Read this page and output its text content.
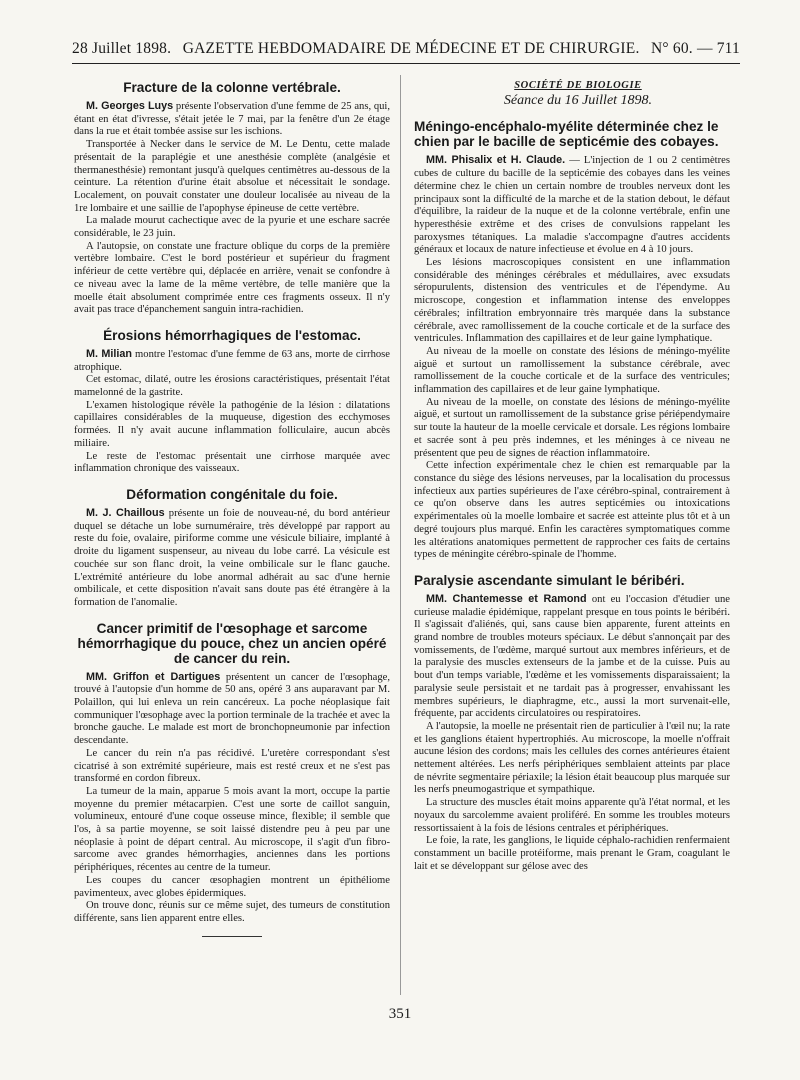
28 Juillet 1898. GAZETTE HEBDOMADAIRE DE MÉDECINE ET DE CHIRURGIE. N° 60. — 711
Fracture de la colonne vertébrale.

M. Georges Luys présente l'observation d'une femme de 25 ans, qui, étant en état d'ivresse, s'était jetée le 7 mai, par la fenêtre d'un 2e étage dans la rue et était tombée assise sur les ischions.

Transportée à Necker dans le service de M. Le Dentu, cette malade présentait de la paraplégie et une anesthésie complète (analgésie et thermanesthésie) remontant jusqu'à quelques centimètres au-dessous de la ceinture. La rétention d'urine était absolue et nécessitait le sondage. Localement, on pouvait constater une douleur localisée au niveau de la 1re lombaire et une saillie de l'apophyse épineuse de cette vertèbre.

La malade mourut cachectique avec de la pyurie et une eschare sacrée considérable, le 23 juin.

A l'autopsie, on constate une fracture oblique du corps de la première vertèbre lombaire. C'est le bord postérieur et supérieur du fragment inférieur de cette vertèbre qui, déplacée en arrière, venait se confondre à ce niveau avec la lame de la même vertèbre, de telle manière que la moelle était absolument comprimée entre ces fragments osseux. Il n'y avait pas trace d'épanchement sanguin intra-rachidien.

Érosions hémorrhagiques de l'estomac.

M. Milian montre l'estomac d'une femme de 63 ans, morte de cirrhose atrophique.

Cet estomac, dilaté, outre les érosions caractéristiques, présentait l'état mamelonné de la gastrite.

L'examen histologique révèle la pathogénie de la lésion : dilatations capillaires considérables de la muqueuse, digestion des ecchymoses formées. Il n'y avait aucune inflammation folliculaire, aucun abcès miliaire.

Le reste de l'estomac présentait une cirrhose marquée avec inflammation chronique des vaisseaux.

Déformation congénitale du foie.

M. J. Chaillous présente un foie de nouveau-né, du bord antérieur duquel se détache un lobe surnuméraire, très développé par rapport au reste du foie, ovalaire, piriforme comme une vésicule biliaire, implanté à droite du ligament suspenseur, au niveau du lobe carré. La vésicule est couchée sur son flanc droit, la veine ombilicale sur le flanc gauche. L'extrémité antérieure du lobe anormal adhérait au sac d'une hernie ombilicale, et cette disposition n'avait sans doute pas été étrangère à la formation de l'anomalie.

Cancer primitif de l'œsophage et sarcome hémorrhagique du pouce, chez un ancien opéré de cancer du rein.

MM. Griffon et Dartigues présentent un cancer de l'œsophage, trouvé à l'autopsie d'un homme de 50 ans, opéré 3 ans auparavant par M. Polaillon, qui lui enleva un rein cancéreux. La poche néoplasique fait communiquer l'œsophage avec la portion terminale de la trachée et avec la bronche gauche. Le malade est mort de bronchopneumonie par infection descendante.

Le cancer du rein n'a pas récidivé. L'uretère correspondant s'est cicatrisé à son extrémité supérieure, mais est resté creux et ne s'est pas transformé en cordon fibreux.

La tumeur de la main, apparue 5 mois avant la mort, occupe la partie moyenne du premier métacarpien. C'est une sorte de caillot sanguin, volumineux, entouré d'une coque osseuse mince, flexible; il semble que l'os, à sa partie moyenne, se soit laissé distendre peu à peu par une néoplasie à point de départ central. Au microscope, il s'agit d'un fibro-sarcome avec grandes hémorrhagies, anciennes dans les portions périphériques, récentes au centre de la tumeur.

Les coupes du cancer œsophagien montrent un épithéliome pavimenteux, avec globes épidermiques.

On trouve donc, réunis sur ce même sujet, des tumeurs de constitution différente, sans lien apparent entre elles.

SOCIÉTÉ DE BIOLOGIE

Séance du 16 Juillet 1898.

Méningo-encéphalo-myélite déterminée chez le chien par le bacille de septicémie des cobayes.

MM. Phisalix et H. Claude. — L'injection de 1 ou 2 centimètres cubes de culture du bacille de la septicémie des cobayes dans les veines détermine chez le chien un certain nombre de troubles nerveux dont les principaux sont la difficulté de la marche et de la station debout, le défaut d'équilibre, la raideur de la nuque et de la colonne vertébrale, enfin une hyperesthésie extrême et des crises de convulsions rappelant les paroxysmes tétaniques. La maladie s'accompagne d'autres accidents généraux et locaux de nature infectieuse et évolue en 4 à 10 jours.

Les lésions macroscopiques consistent en une inflammation considérable des méninges cérébrales et médullaires, avec exsudats séropurulents, distension des ventricules et de l'épendyme. Au microscope, congestion et inflammation intense des enveloppes cérébrales; infiltration embryonnaire très marquée dans la substance cérébrale, avec ramollissement de la couche corticale et de la surface des ventricules. Inflammation des capillaires et de leur gaine lymphatique.

Au niveau de la moelle on constate des lésions de méningo-myélite aiguë et surtout un ramollissement la substance cérébrale, avec ramollissement de la couche corticale et de la surface des ventricules; inflammation des capillaires et de leur gaine lymphatique.

Au niveau de la moelle, on constate des lésions de méningo-myélite aiguë, et surtout un ramollissement de la substance grise périépendymaire sur toute la hauteur de la moelle cervicale et dorsale. Les régions lombaire et sacrée sont à peu près indemnes, et les méninges à ce niveau ne présentent que peu de signes de réaction inflammatoire.

Cette infection expérimentale chez le chien est remarquable par la constance du siège des lésions nerveuses, par la localisation du processus infectieux aux parties supérieures de l'axe cérébro-spinal, contrairement à ce qu'on observe dans les autres septicémies ou intoxications expérimentales où la moelle lombaire et sacrée est atteinte plus tôt et à un degré toujours plus marqué. Enfin les caractères symptomatiques comme les altérations anatomiques permettent de rapprocher ces faits de certains types de méningite cérébro-spinale de l'homme.

Paralysie ascendante simulant le béribéri.

MM. Chantemesse et Ramond ont eu l'occasion d'étudier une curieuse maladie épidémique, rappelant presque en tous points le béribéri. Il s'agissait d'aliénés, qui, sans cause bien apparente, furent atteints en grand nombre de troubles moteurs spéciaux. Le début s'annonçait par des vomissements, de l'œdème, marqué surtout aux membres inférieurs, et de la paralysie des muscles extenseurs de la jambe et de la cuisse. Puis au bout d'un temps variable, l'œdème et les vomissements disparaissaient; la paralysie seule persistait et ne tardait pas à progresser, envahissant les membres supérieurs, le diaphragme, etc., aussi la mort survenait-elle, fréquente, par accidents circulatoires ou respiratoires.

A l'autopsie, la moelle ne présentait rien de particulier à l'œil nu; la rate et les ganglions étaient hypertrophiés. Au microscope, la moelle n'offrait aucune lésion des cordons; mais les cellules des cornes antérieures étaient nettement altérées. Les nerfs périphériques semblaient atteints par place de névrite segmentaire périaxile; la lésion était beaucoup plus marquée sur les nerfs pneumogastrique et sympathique.

La structure des muscles était moins apparente qu'à l'état normal, et les noyaux du sarcolemme avaient proliféré. En somme les troubles moteurs ressortissaient à la fois de lésions centrales et périphériques.

Le foie, la rate, les ganglions, le liquide céphalo-rachidien renfermaient constamment un bacille protéiforme, mais prenant le Gram, coagulant le lait et se développant sur gélose avec des

351
